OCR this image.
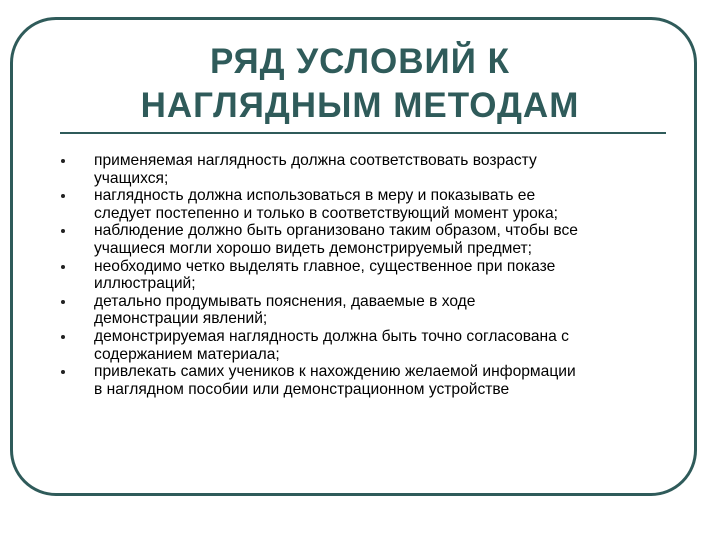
РЯД УСЛОВИЙ К
НАГЛЯДНЫМ МЕТОДАМ
применяемая наглядность должна соответствовать возрасту
учащихся;
наглядность должна использоваться в меру и показывать ее
следует постепенно и только в соответствующий момент урока;
наблюдение должно быть организовано таким образом, чтобы все
учащиеся могли хорошо видеть демонстрируемый предмет;
необходимо четко выделять главное, существенное при показе
иллюстраций;
детально продумывать пояснения, даваемые в ходе
демонстрации явлений;
демонстрируемая наглядность должна быть точно согласована с
содержанием материала;
привлекать самих учеников к нахождению желаемой информации
в наглядном пособии или демонстрационном устройстве
